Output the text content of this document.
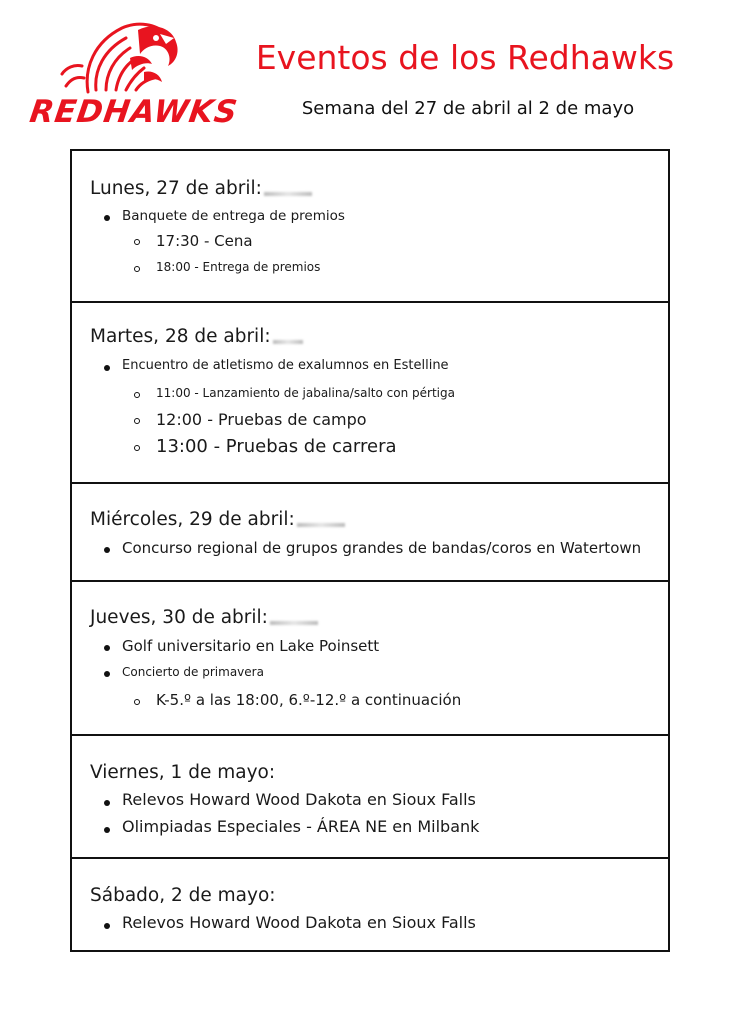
REDHAWKS
Eventos de los Redhawks
Semana del 27 de abril al 2 de mayo
Lunes, 27 de abril:
Banquete de entrega de premios
17:30 - Cena
18:00 - Entrega de premios
Martes, 28 de abril:
Encuentro de atletismo de exalumnos en Estelline
11:00 - Lanzamiento de jabalina/salto con pértiga
12:00 - Pruebas de campo
13:00 - Pruebas de carrera
Miércoles, 29 de abril:
Concurso regional de grupos grandes de bandas/coros en Watertown
Jueves, 30 de abril:
Golf universitario en Lake Poinsett
Concierto de primavera
K-5.º a las 18:00, 6.º-12.º a continuación
Viernes, 1 de mayo:
Relevos Howard Wood Dakota en Sioux Falls
Olimpiadas Especiales - ÁREA NE en Milbank
Sábado, 2 de mayo:
Relevos Howard Wood Dakota en Sioux Falls
